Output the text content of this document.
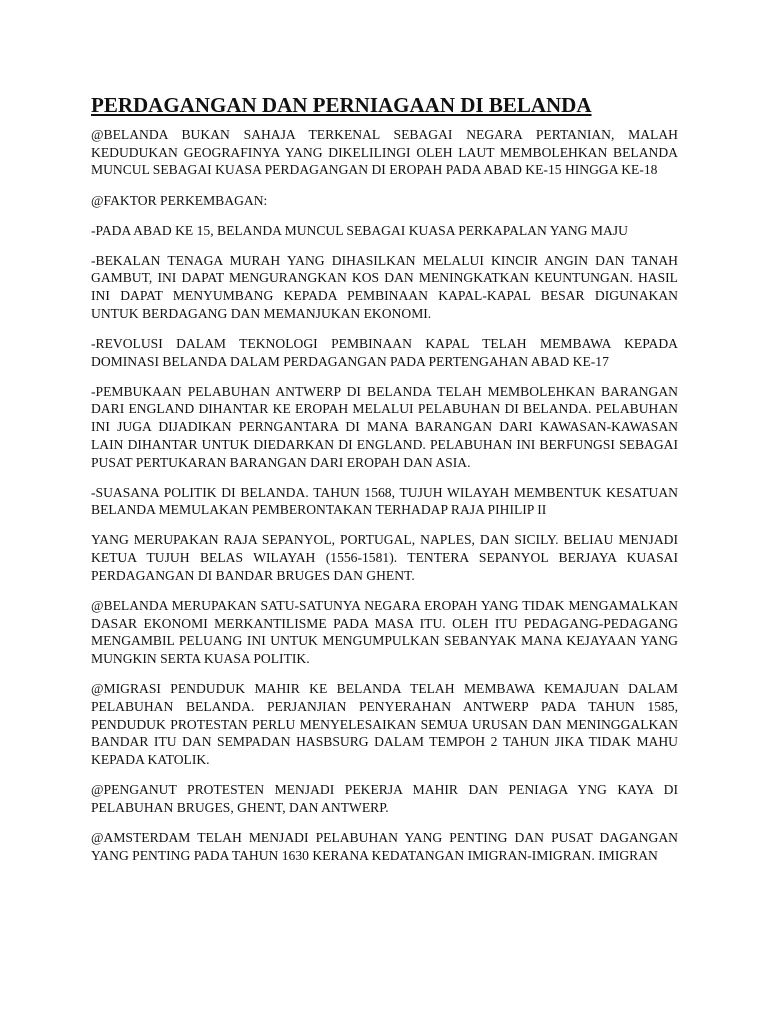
PERDAGANGAN DAN PERNIAGAAN DI BELANDA

@BELANDA BUKAN SAHAJA TERKENAL SEBAGAI NEGARA PERTANIAN, MALAH KEDUDUKAN GEOGRAFINYA YANG DIKELILINGI OLEH LAUT MEMBOLEHKAN BELANDA MUNCUL SEBAGAI KUASA PERDAGANGAN DI EROPAH PADA ABAD KE-15 HINGGA KE-18

@FAKTOR PERKEMBAGAN:

-PADA ABAD KE 15, BELANDA MUNCUL SEBAGAI KUASA PERKAPALAN YANG MAJU

-BEKALAN TENAGA MURAH YANG DIHASILKAN MELALUI KINCIR ANGIN DAN TANAH GAMBUT, INI DAPAT MENGURANGKAN KOS DAN MENINGKATKAN KEUNTUNGAN. HASIL INI DAPAT MENYUMBANG KEPADA PEMBINAAN KAPAL-KAPAL BESAR DIGUNAKAN UNTUK BERDAGANG DAN MEMANJUKAN EKONOMI.

-REVOLUSI DALAM TEKNOLOGI PEMBINAAN KAPAL TELAH MEMBAWA KEPADA DOMINASI BELANDA DALAM PERDAGANGAN PADA PERTENGAHAN ABAD KE-17

-PEMBUKAAN PELABUHAN ANTWERP DI BELANDA TELAH MEMBOLEHKAN BARANGAN DARI ENGLAND DIHANTAR KE EROPAH MELALUI PELABUHAN DI BELANDA. PELABUHAN INI JUGA DIJADIKAN PERNGANTARA DI MANA BARANGAN DARI KAWASAN-KAWASAN LAIN DIHANTAR UNTUK DIEDARKAN DI ENGLAND. PELABUHAN INI BERFUNGSI SEBAGAI PUSAT PERTUKARAN BARANGAN DARI EROPAH DAN ASIA.

-SUASANA POLITIK DI BELANDA. TAHUN 1568, TUJUH WILAYAH MEMBENTUK KESATUAN BELANDA MEMULAKAN PEMBERONTAKAN TERHADAP RAJA PIHILIP II

YANG MERUPAKAN RAJA SEPANYOL, PORTUGAL, NAPLES, DAN SICILY. BELIAU MENJADI KETUA TUJUH BELAS WILAYAH (1556-1581). TENTERA SEPANYOL BERJAYA KUASAI PERDAGANGAN DI BANDAR BRUGES DAN GHENT.

@BELANDA MERUPAKAN SATU-SATUNYA NEGARA EROPAH YANG TIDAK MENGAMALKAN DASAR EKONOMI MERKANTILISME PADA MASA ITU. OLEH ITU PEDAGANG-PEDAGANG MENGAMBIL PELUANG INI UNTUK MENGUMPULKAN SEBANYAK MANA KEJAYAAN YANG MUNGKIN SERTA KUASA POLITIK.

@MIGRASI PENDUDUK MAHIR KE BELANDA TELAH MEMBAWA KEMAJUAN DALAM PELABUHAN BELANDA. PERJANJIAN PENYERAHAN ANTWERP PADA TAHUN 1585, PENDUDUK PROTESTAN PERLU MENYELESAIKAN SEMUA URUSAN DAN MENINGGALKAN BANDAR ITU DAN SEMPADAN HASBSURG DALAM TEMPOH 2 TAHUN JIKA TIDAK MAHU KEPADA KATOLIK.

@PENGANUT PROTESTEN MENJADI PEKERJA MAHIR DAN PENIAGA YNG KAYA DI PELABUHAN BRUGES, GHENT, DAN ANTWERP.

@AMSTERDAM TELAH MENJADI PELABUHAN YANG PENTING DAN PUSAT DAGANGAN YANG PENTING PADA TAHUN 1630 KERANA KEDATANGAN IMIGRAN-IMIGRAN. IMIGRAN
